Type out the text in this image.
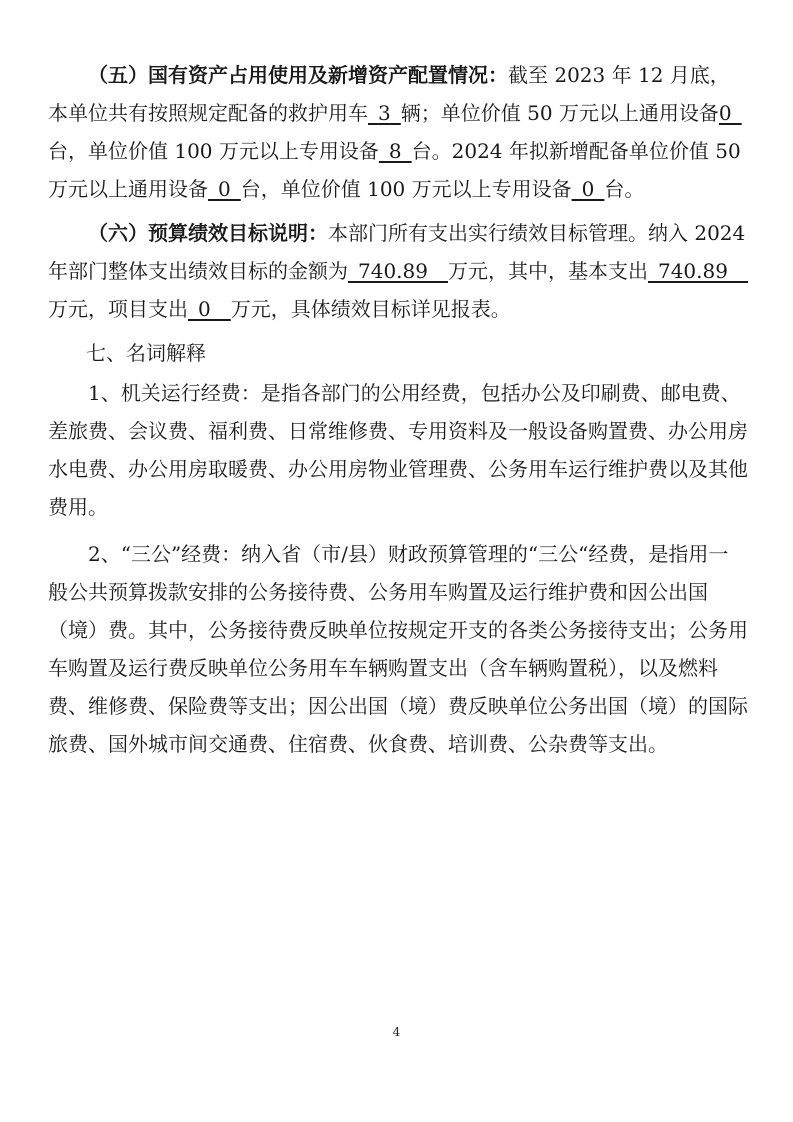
（五）国有资产占用使用及新增资产配置情况：截至 2023 年 12 月底，本单位共有按照规定配备的救护用车_3_辆；单位价值 50 万元以上通用设备0_台，单位价值 100 万元以上专用设备_8_台。2024 年拟新增配备单位价值 50 万元以上通用设备_0_台，单位价值 100 万元以上专用设备_0_台。

（六）预算绩效目标说明：本部门所有支出实行绩效目标管理。纳入 2024 年部门整体支出绩效目标的金额为_740.89__万元，其中，基本支出_740.89__万元，项目支出_0__万元，具体绩效目标详见报表。

七、名词解释

1、机关运行经费：是指各部门的公用经费，包括办公及印刷费、邮电费、差旅费、会议费、福利费、日常维修费、专用资料及一般设备购置费、办公用房水电费、办公用房取暖费、办公用房物业管理费、公务用车运行维护费以及其他费用。

2、“三公”经费：纳入省（市/县）财政预算管理的“三公“经费，是指用一般公共预算拨款安排的公务接待费、公务用车购置及运行维护费和因公出国（境）费。其中，公务接待费反映单位按规定开支的各类公务接待支出；公务用车购置及运行费反映单位公务用车车辆购置支出（含车辆购置税），以及燃料费、维修费、保险费等支出；因公出国（境）费反映单位公务出国（境）的国际旅费、国外城市间交通费、住宿费、伙食费、培训费、公杂费等支出。

4
